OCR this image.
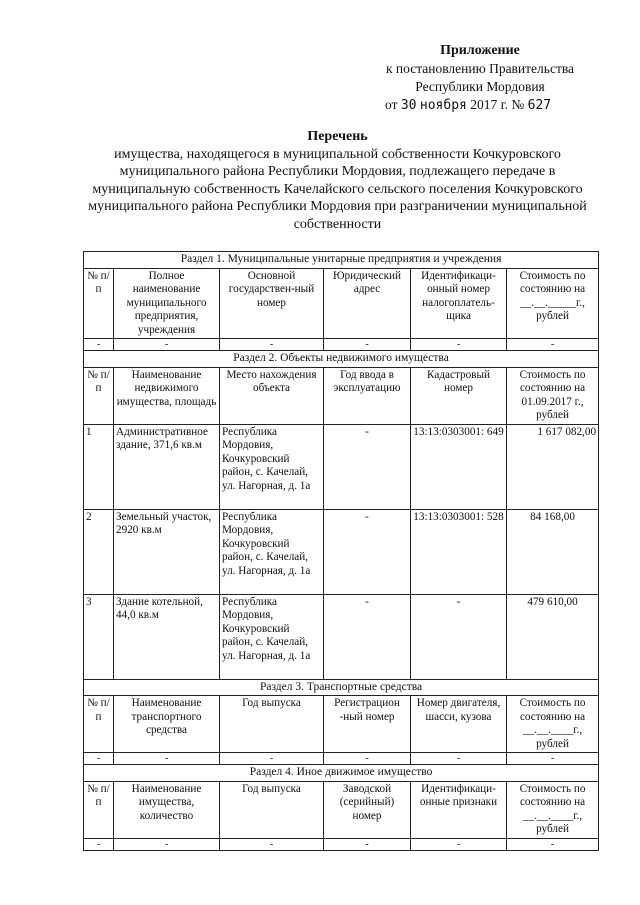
Приложение
к постановлению Правительства
Республики Мордовия
от 30 ноября 2017 г. № 627
Перечень
имущества, находящегося в муниципальной собственности Кочкуровского муниципального района Республики Мордовия, подлежащего передаче в муниципальную собственность Качелайского сельского поселения Кочкуровского муниципального района Республики Мордовия при разграничении муниципальной собственности
Раздел 1. Муниципальные унитарные предприятия и учреждения					
№ п/п	Полное наименование муниципального предприятия, учреждения	Основной государствен-ный номер	Юридический адрес	Идентификаци-онный номер налогоплатель-щика	Стоимость по состоянию на __.__._____г., рублей
-	-	-	-	-	-
Раздел 2. Объекты недвижимого имущества					
№ п/п	Наименование недвижимого имущества, площадь	Место нахождения объекта	Год ввода в эксплуатацию	Кадастровый номер	Стоимость по состоянию на 01.09.2017 г., рублей
1	Административное здание, 371,6 кв.м	Республика Мордовия, Кочкуровский район, с. Качелай, ул. Нагорная, д. 1а	-	13:13:0303001: 649	1 617 082,00
2	Земельный участок, 2920 кв.м	Республика Мордовия, Кочкуровский район, с. Качелай, ул. Нагорная, д. 1а	-	13:13:0303001: 528	84 168,00
3	Здание котельной, 44,0 кв.м	Республика Мордовия, Кочкуровский район, с. Качелай, ул. Нагорная, д. 1а	-	-	479 610,00
Раздел 3. Транспортные средства					
№ п/п	Наименование транспортного средства	Год выпуска	Регистрацион -ный номер	Номер двигателя, шасси, кузова	Стоимость по состоянию на __.__.____г., рублей
-	-	-	-	-	-
Раздел 4. Иное движимое имущество					
№ п/п	Наименование имущества, количество	Год выпуска	Заводской (серийный) номер	Идентификаци-онные признаки	Стоимость по состоянию на __.__.____г., рублей
-	-	-	-	-	-
